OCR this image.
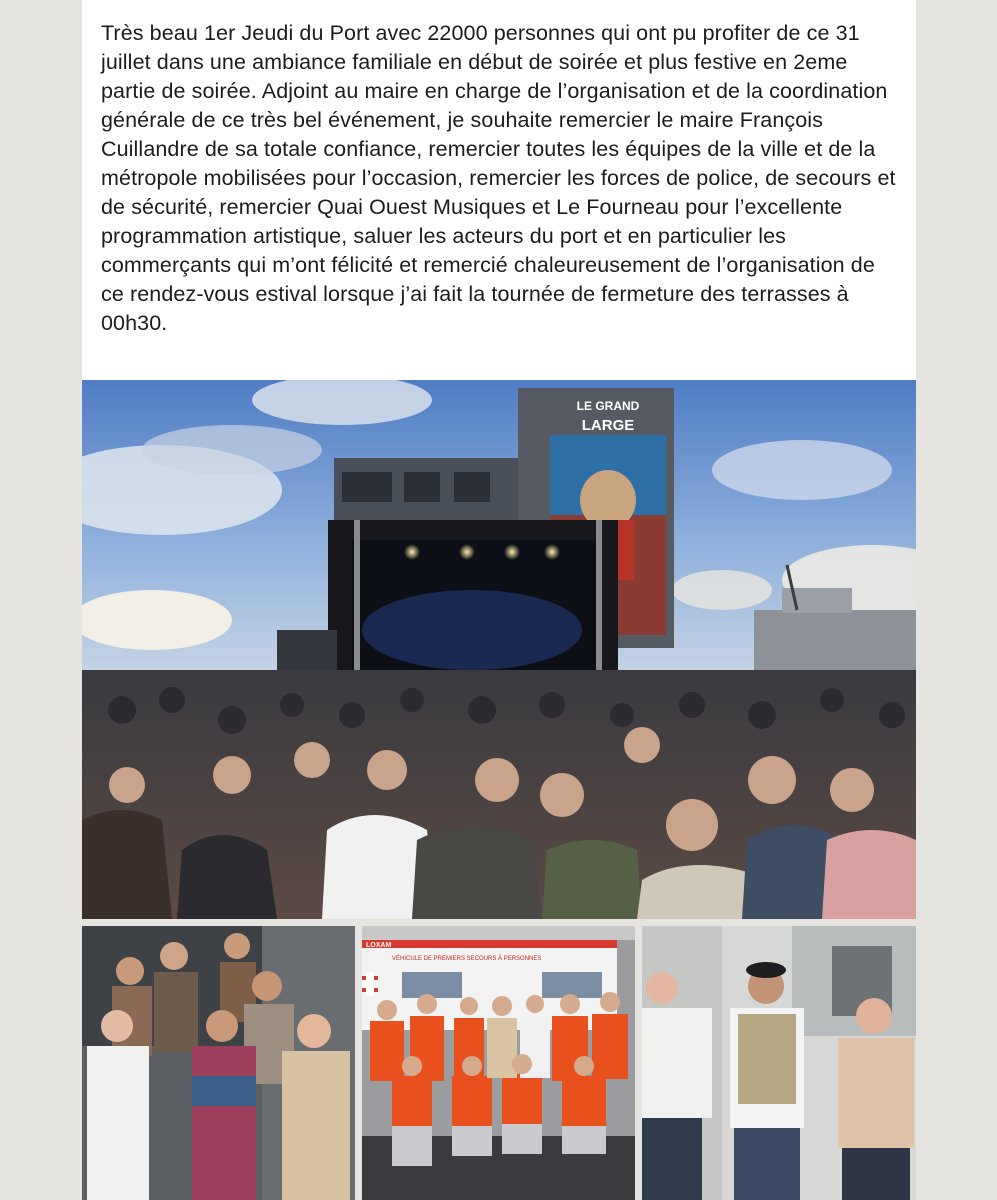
Très beau 1er Jeudi du Port avec 22000 personnes qui ont pu profiter de ce 31 juillet dans une ambiance familiale en début de soirée et plus festive en 2eme partie de soirée. Adjoint au maire en charge de l’organisation et de la coordination générale de ce très bel événement, je souhaite remercier le maire François Cuillandre de sa totale confiance, remercier toutes les équipes de la ville et de la métropole mobilisées pour l’occasion, remercier les forces de police, de secours et de sécurité, remercier Quai Ouest Musiques et Le Fourneau pour l’excellente programmation artistique, saluer les acteurs du port et en particulier les commerçants qui m’ont félicité et remercié chaleureusement de l’organisation de ce rendez-vous estival lorsque j’ai fait la tournée de fermeture des terrasses à 00h30.
LE GRAND
LARGE
LOXAM
VÉHICULE DE PREMIERS SECOURS À PERSONNES
